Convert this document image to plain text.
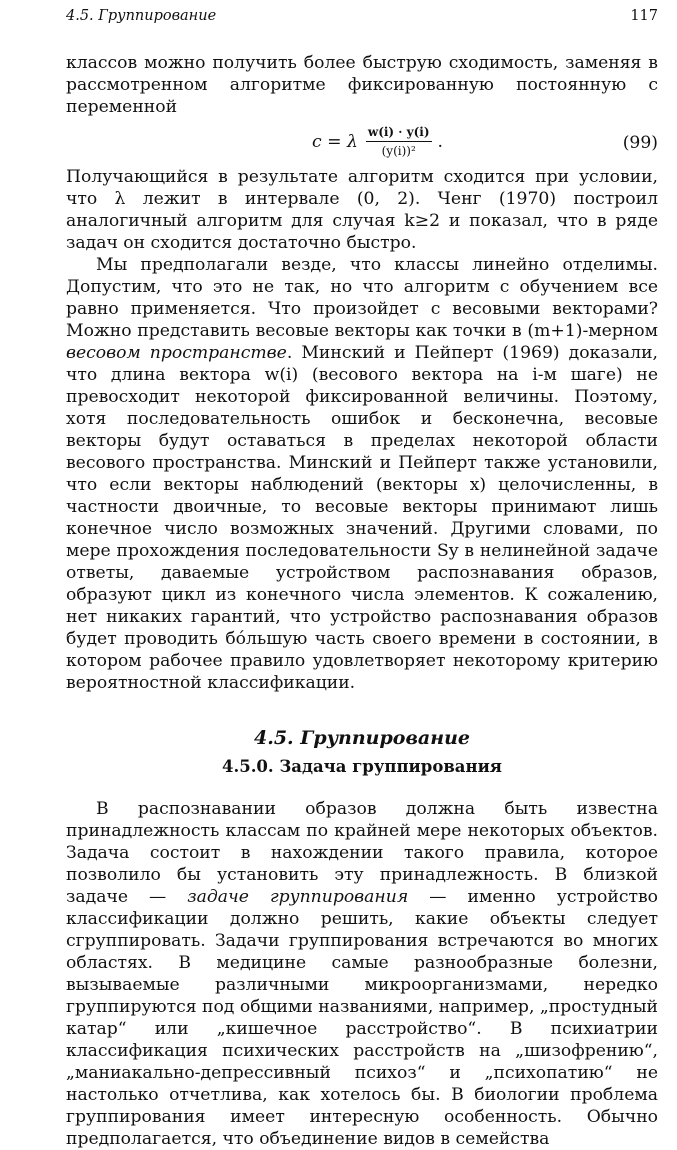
4.5. Группирование	117

классов можно получить более быструю сходимость, заменяя в рассмотренном алгоритме фиксированную постоянную c переменной

c = λ $\frac{w(i) \cdot y(i)}{\text{(y(i))²}}$ .	(99)

Получающийся в результате алгоритм сходится при условии, что λ лежит в интервале (0, 2). Ченг (1970) построил аналогичный алгоритм для случая k≥2 и показал, что в ряде задач он сходится достаточно быстро.

Мы предполагали везде, что классы линейно отделимы. Допустим, что это не так, но что алгоритм с обучением все равно применяется. Что произойдет с весовыми векторами? Можно представить весовые векторы как точки в (m+1)-мерном весовом пространстве. Минский и Пейперт (1969) доказали, что длина вектора w(i) (весового вектора на i-м шаге) не превосходит некоторой фиксированной величины. Поэтому, хотя последовательность ошибок и бесконечна, весовые векторы будут оставаться в пределах некоторой области весового пространства. Минский и Пейперт также установили, что если векторы наблюдений (векторы x) целочисленны, в частности двоичные, то весовые векторы принимают лишь конечное число возможных значений. Другими словами, по мере прохождения последовательности Sy в нелинейной задаче ответы, даваемые устройством распознавания образов, образуют цикл из конечного числа элементов. К сожалению, нет никаких гарантий, что устройство распознавания образов будет проводить бóльшую часть своего времени в состоянии, в котором рабочее правило удовлетворяет некоторому критерию вероятностной классификации.

4.5. Группирование
4.5.0. Задача группирования

В распознавании образов должна быть известна принадлежность классам по крайней мере некоторых объектов. Задача состоит в нахождении такого правила, которое позволило бы установить эту принадлежность. В близкой задаче — задаче группирования — именно устройство классификации должно решить, какие объекты следует сгруппировать. Задачи группирования встречаются во многих областях. В медицине самые разнообразные болезни, вызываемые различными микроорганизмами, нередко группируются под общими названиями, например, „простудный катар“ или „кишечное расстройство“. В психиатрии классификация психических расстройств на „шизофрению“, „маниакально-депрессивный психоз“ и „психопатию“ не настолько отчетлива, как хотелось бы. В биологии проблема группирования имеет интересную особенность. Обычно предполагается, что объединение видов в семейства
